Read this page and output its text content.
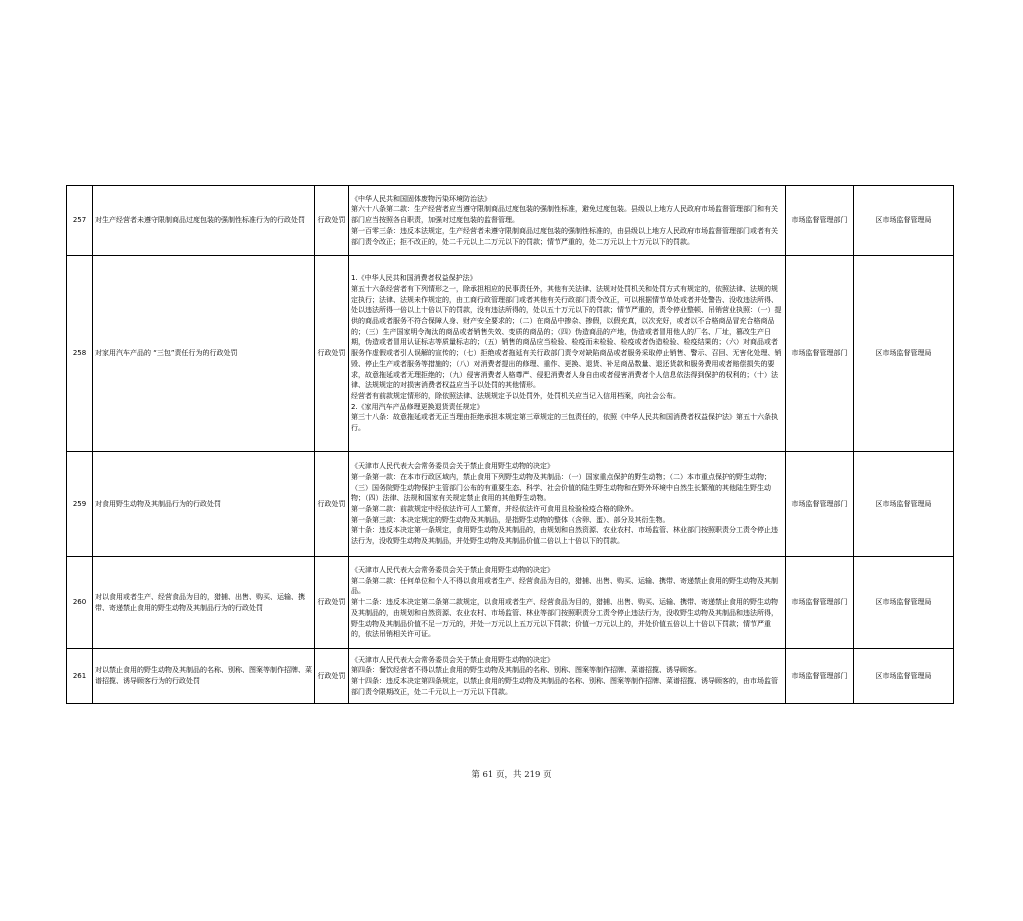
257	对生产经营者未遵守限制商品过度包装的强制性标准行为的行政处罚	行政处罚	《中华人民共和国固体废物污染环境防治法》

第六十八条第二款：生产经营者应当遵守限制商品过度包装的强制性标准，避免过度包装。县级以上地方人民政府市场监督管理部门和有关部门应当按照各自职责，加强对过度包装的监督管理。

第一百零三条：违反本法规定，生产经营者未遵守限制商品过度包装的强制性标准的，由县级以上地方人民政府市场监督管理部门或者有关部门责令改正；拒不改正的，处二千元以上二万元以下的罚款；情节严重的，处二万元以上十万元以下的罚款。	市场监督管理部门	区市场监督管理局
258	对家用汽车产品的 “三包”责任行为的行政处罚	行政处罚	1.《中华人民共和国消费者权益保护法》

第五十六条经营者有下列情形之一，除承担相应的民事责任外，其他有关法律、法规对处罚机关和处罚方式有规定的，依照法律、法规的规定执行；法律、法规未作规定的，由工商行政管理部门或者其他有关行政部门责令改正，可以根据情节单处或者并处警告、没收违法所得、处以违法所得一倍以上十倍以下的罚款，没有违法所得的，处以五十万元以下的罚款；情节严重的，责令停业整顿、吊销营业执照：（一）提供的商品或者服务不符合保障人身、财产安全要求的；（二）在商品中掺杂、掺假，以假充真，以次充好，或者以不合格商品冒充合格商品的；（三）生产国家明令淘汰的商品或者销售失效、变质的商品的；（四）伪造商品的产地，伪造或者冒用他人的厂名、厂址，篡改生产日期，伪造或者冒用认证标志等质量标志的；（五）销售的商品应当检验、检疫而未检验、检疫或者伪造检验、检疫结果的；（六）对商品或者服务作虚假或者引人误解的宣传的；（七）拒绝或者拖延有关行政部门责令对缺陷商品或者服务采取停止销售、警示、召回、无害化处理、销毁、停止生产或者服务等措施的；（八）对消费者提出的修理、重作、更换、退货、补足商品数量、退还货款和服务费用或者赔偿损失的要求，故意拖延或者无理拒绝的；（九）侵害消费者人格尊严、侵犯消费者人身自由或者侵害消费者个人信息依法得到保护的权利的；（十）法律、法规规定的对损害消费者权益应当予以处罚的其他情形。

经营者有前款规定情形的，除依照法律、法规规定予以处罚外，处罚机关应当记入信用档案，向社会公布。

2.《家用汽车产品修理更换退货责任规定》

第三十八条：故意拖延或者无正当理由拒绝承担本规定第三章规定的三包责任的，依照《中华人民共和国消费者权益保护法》第五十六条执行。	市场监督管理部门	区市场监督管理局
259	对食用野生动物及其制品行为的行政处罚	行政处罚	《天津市人民代表大会常务委员会关于禁止食用野生动物的决定》

第一条第一款：在本市行政区域内，禁止食用下列野生动物及其制品：（一）国家重点保护的野生动物；（二）本市重点保护的野生动物；（三）国务院野生动物保护主管部门公布的有重要生态、科学、社会价值的陆生野生动物和在野外环境中自然生长繁殖的其他陆生野生动物；（四）法律、法规和国家有关规定禁止食用的其他野生动物。

第一条第二款：前款规定中经依法许可人工繁育，并经依法许可食用且检验检疫合格的除外。

第一条第三款：本决定规定的野生动物及其制品，是指野生动物的整体（含卵、蛋）、部分及其衍生物。

第十条：违反本决定第一条规定，食用野生动物及其制品的，由规划和自然资源、农业农村、市场监管、林业部门按照职责分工责令停止违法行为，没收野生动物及其制品，并处野生动物及其制品价值二倍以上十倍以下的罚款。	市场监督管理部门	区市场监督管理局
260	对以食用或者生产、经营食品为目的，猎捕、出售、购买、运输、携带、寄递禁止食用的野生动物及其制品行为的行政处罚	行政处罚	《天津市人民代表大会常务委员会关于禁止食用野生动物的决定》

第二条第二款：任何单位和个人不得以食用或者生产、经营食品为目的，猎捕、出售、购买、运输、携带、寄递禁止食用的野生动物及其制品。

第十二条：违反本决定第二条第二款规定，以食用或者生产、经营食品为目的，猎捕、出售、购买、运输、携带、寄递禁止食用的野生动物及其制品的，由规划和自然资源、农业农村、市场监管、林业等部门按照职责分工责令停止违法行为，没收野生动物及其制品和违法所得，野生动物及其制品价值不足一万元的，并处一万元以上五万元以下罚款；价值一万元以上的，并处价值五倍以上十倍以下罚款；情节严重的，依法吊销相关许可证。	市场监督管理部门	区市场监督管理局
261	对以禁止食用的野生动物及其制品的名称、别称、图案等制作招牌、菜谱招揽、诱导顾客行为的行政处罚	行政处罚	《天津市人民代表大会常务委员会关于禁止食用野生动物的决定》

第四条：餐饮经营者不得以禁止食用的野生动物及其制品的名称、别称、图案等制作招牌、菜谱招揽、诱导顾客。

第十四条：违反本决定第四条规定，以禁止食用的野生动物及其制品的名称、别称、图案等制作招牌、菜谱招揽、诱导顾客的，由市场监管部门责令限期改正，处二千元以上一万元以下罚款。	市场监督管理部门	区市场监督管理局
第 61 页，共 219 页
